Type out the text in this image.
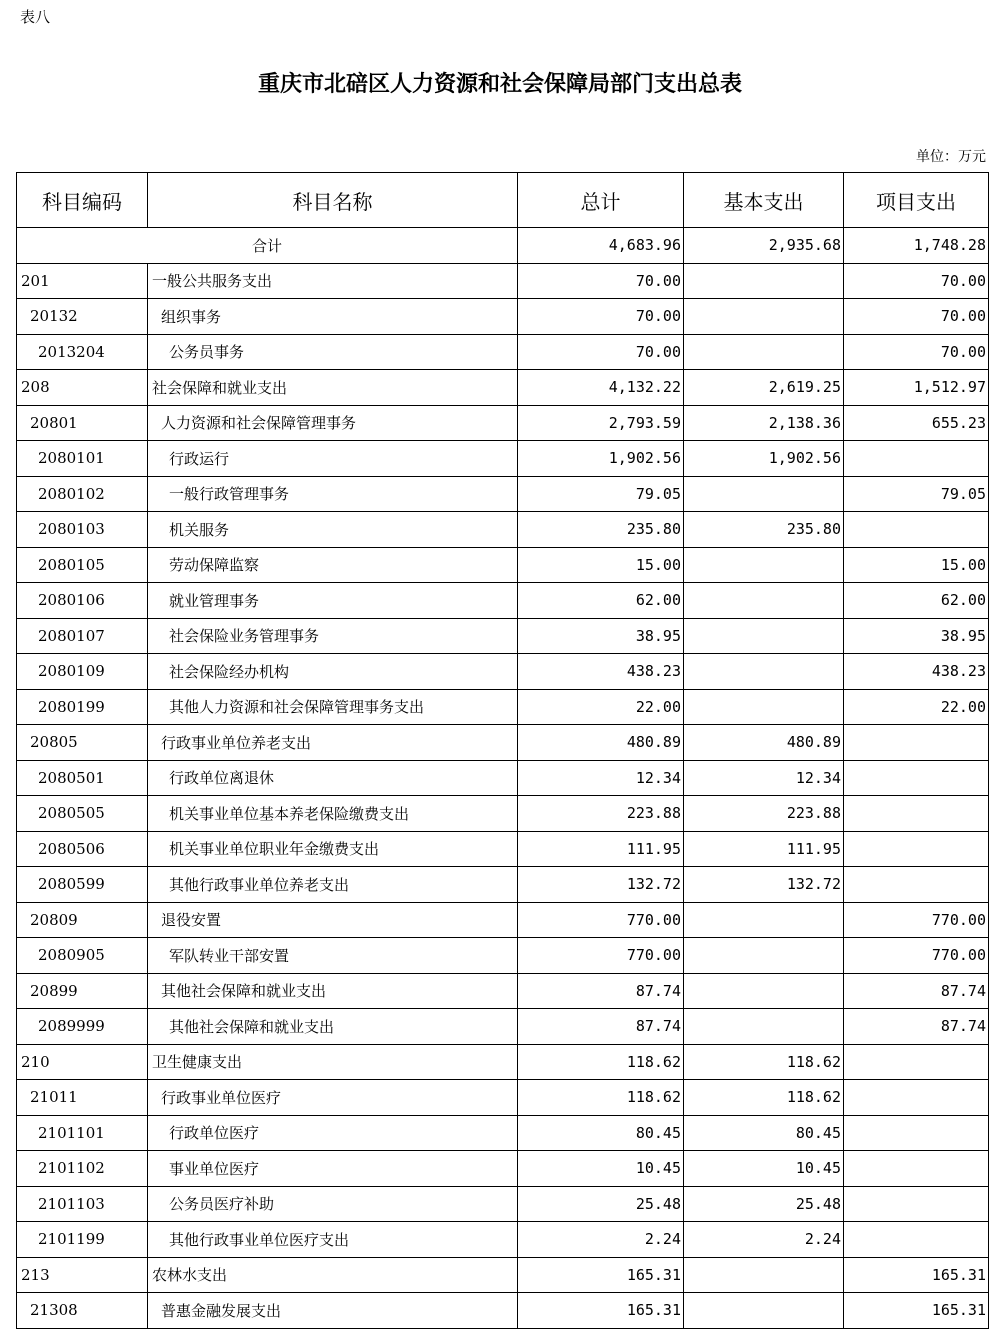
表八
重庆市北碚区人力资源和社会保障局部门支出总表
单位：万元
科目编码	科目名称	总计	基本支出	项目支出
合计		4,683.96	2,935.68	1,748.28
201	一般公共服务支出	70.00		70.00
20132	组织事务	70.00		70.00
2013204	公务员事务	70.00		70.00
208	社会保障和就业支出	4,132.22	2,619.25	1,512.97
20801	人力资源和社会保障管理事务	2,793.59	2,138.36	655.23
2080101	行政运行	1,902.56	1,902.56	
2080102	一般行政管理事务	79.05		79.05
2080103	机关服务	235.80	235.80	
2080105	劳动保障监察	15.00		15.00
2080106	就业管理事务	62.00		62.00
2080107	社会保险业务管理事务	38.95		38.95
2080109	社会保险经办机构	438.23		438.23
2080199	其他人力资源和社会保障管理事务支出	22.00		22.00
20805	行政事业单位养老支出	480.89	480.89	
2080501	行政单位离退休	12.34	12.34	
2080505	机关事业单位基本养老保险缴费支出	223.88	223.88	
2080506	机关事业单位职业年金缴费支出	111.95	111.95	
2080599	其他行政事业单位养老支出	132.72	132.72	
20809	退役安置	770.00		770.00
2080905	军队转业干部安置	770.00		770.00
20899	其他社会保障和就业支出	87.74		87.74
2089999	其他社会保障和就业支出	87.74		87.74
210	卫生健康支出	118.62	118.62	
21011	行政事业单位医疗	118.62	118.62	
2101101	行政单位医疗	80.45	80.45	
2101102	事业单位医疗	10.45	10.45	
2101103	公务员医疗补助	25.48	25.48	
2101199	其他行政事业单位医疗支出	2.24	2.24	
213	农林水支出	165.31		165.31
21308	普惠金融发展支出	165.31		165.31
